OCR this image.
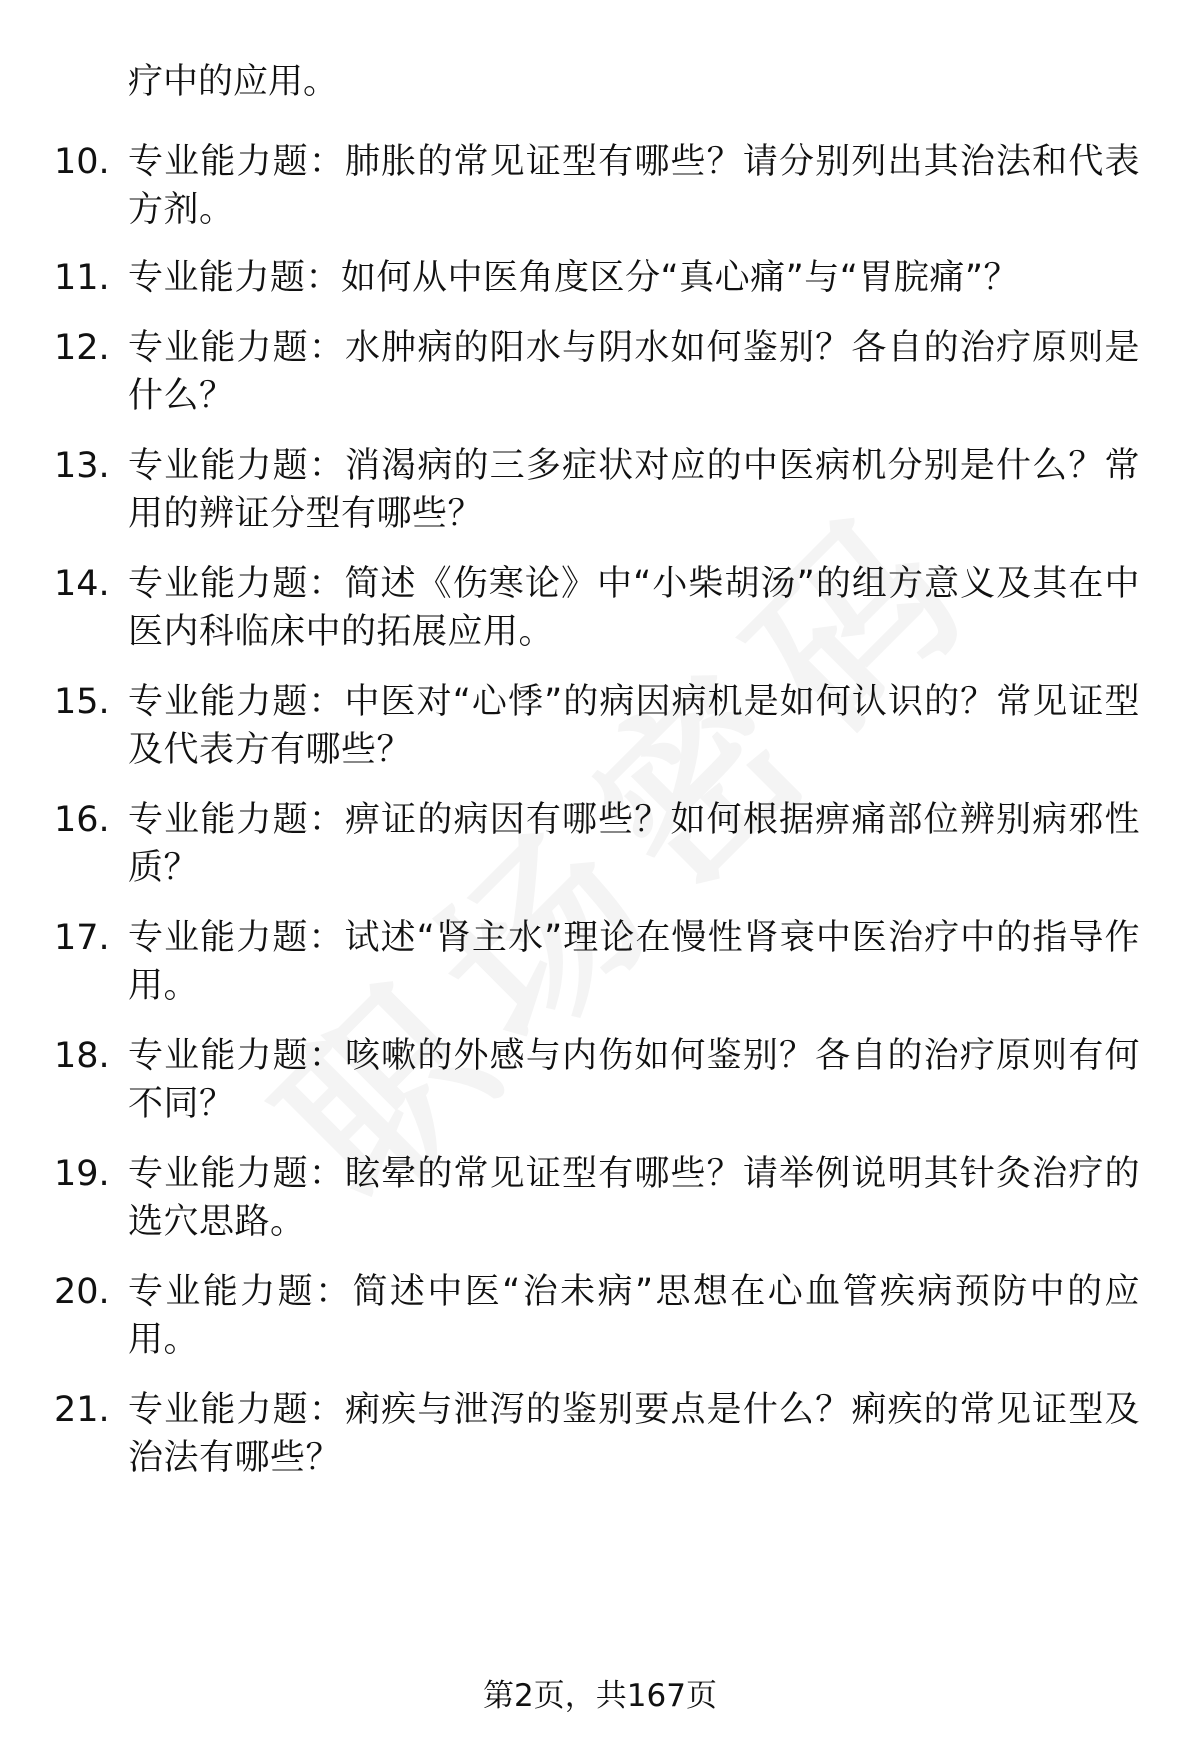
疗中的应用。
10. 专业能力题：肺胀的常见证型有哪些？请分别列出其治法和代表方剂。
11. 专业能力题：如何从中医角度区分“真心痛”与“胃脘痛”？
12. 专业能力题：水肿病的阳水与阴水如何鉴别？各自的治疗原则是什么？
13. 专业能力题：消渴病的三多症状对应的中医病机分别是什么？常用的辨证分型有哪些？
14. 专业能力题：简述《伤寒论》中“小柴胡汤”的组方意义及其在中医内科临床中的拓展应用。
15. 专业能力题：中医对“心悸”的病因病机是如何认识的？常见证型及代表方有哪些？
16. 专业能力题：痹证的病因有哪些？如何根据痹痛部位辨别病邪性质？
17. 专业能力题：试述“肾主水”理论在慢性肾衰中医治疗中的指导作用。
18. 专业能力题：咳嗽的外感与内伤如何鉴别？各自的治疗原则有何不同？
19. 专业能力题：眩晕的常见证型有哪些？请举例说明其针灸治疗的选穴思路。
20. 专业能力题：简述中医“治未病”思想在心血管疾病预防中的应用。
21. 专业能力题：痢疾与泄泻的鉴别要点是什么？痢疾的常见证型及治法有哪些？
第2页，共167页
